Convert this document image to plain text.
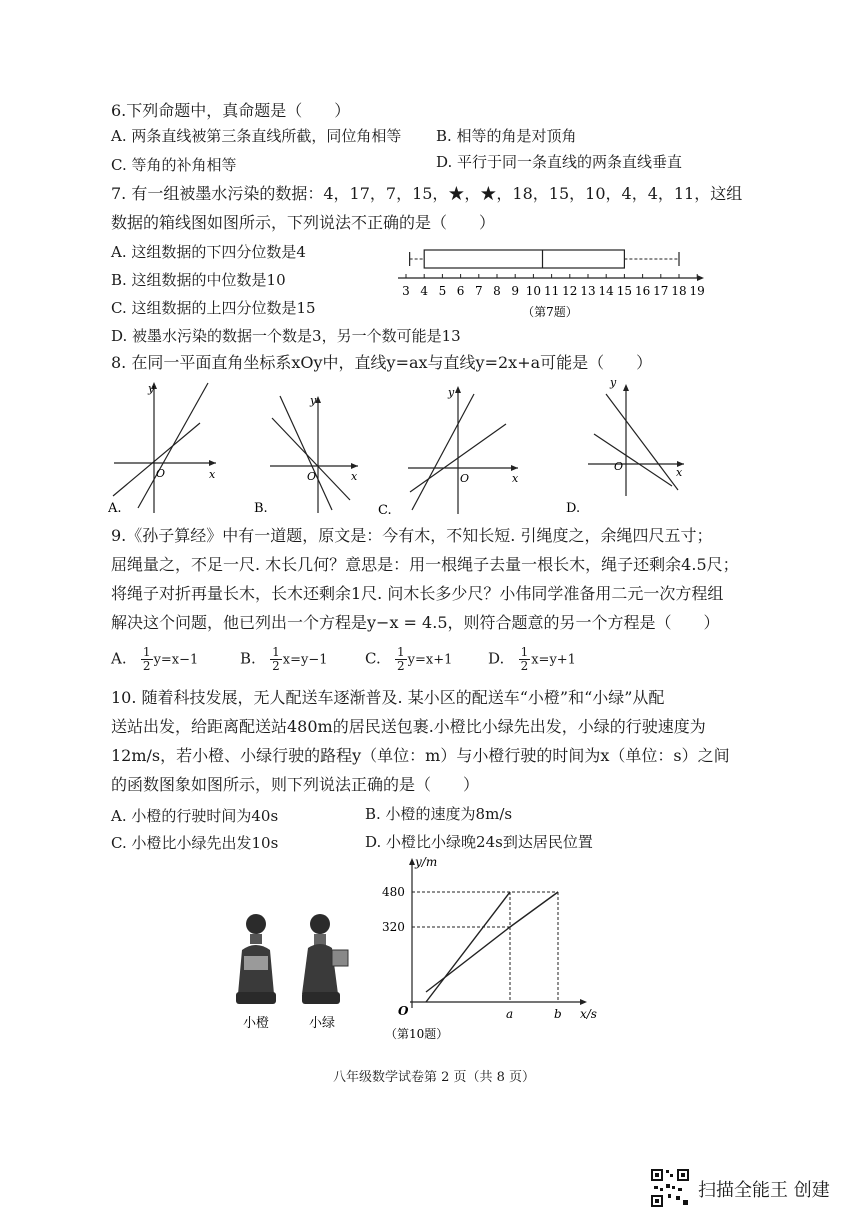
6.下列命题中，真命题是（　　）
A. 两条直线被第三条直线所截，同位角相等 B. 相等的角是对顶角
C. 等角的补角相等	D. 平行于同一条直线的两条直线垂直
7. 有一组被墨水污染的数据：4，17，7，15，★，★，18，15，10，4，4，11，这组
数据的箱线图如图所示，下列说法不正确的是（　　）
A. 这组数据的下四分位数是4
B. 这组数据的中位数是10
C. 这组数据的上四分位数是15
D. 被墨水污染的数据一个数是3，另一个数可能是13
3 4 5 6 7 8 9 10 11 12 13 14 15 16 17 18 19
（第7题）
8. 在同一平面直角坐标系xOy中，直线y=ax与直线y=2x+a可能是（　　）
y
x
O
A.
y
x
O
B.
y
x
O
C.
y
x
O
D.
9.《孙子算经》中有一道题，原文是：今有木，不知长短. 引绳度之，余绳四尺五寸；
屈绳量之，不足一尺. 木长几何？意思是：用一根绳子去量一根长木，绳子还剩余4.5尺；
将绳子对折再量长木，长木还剩余1尺. 问木长多少尺？小伟同学准备用二元一次方程组
解决这个问题，他已列出一个方程是y−x = 4.5，则符合题意的另一个方程是（　　）
A. $\frac{1}{2} y=x-1$	B. $\frac{1}{2} x=y-1$	C. $\frac{1}{2} y=x+1$ D. $\frac{1}{2} x=y+1$
10. 随着科技发展，无人配送车逐渐普及. 某小区的配送车“小橙”和“小绿”从配
送站出发，给距离配送站480m的居民送包裹.小橙比小绿先出发，小绿的行驶速度为
12m/s，若小橙、小绿行驶的路程y（单位：m）与小橙行驶的时间为x（单位：s）之间
的函数图象如图所示，则下列说法正确的是（　　）
A. 小橙的行驶时间为40s	B. 小橙的速度为8m/s
C. 小橙比小绿先出发10s	D. 小橙比小绿晚24s到达居民位置
小橙	小绿
y/m
x/s
O
480
320
a	b
（第10题）
八年级数学试卷第 2 页（共 8 页）
扫描全能王 创建
